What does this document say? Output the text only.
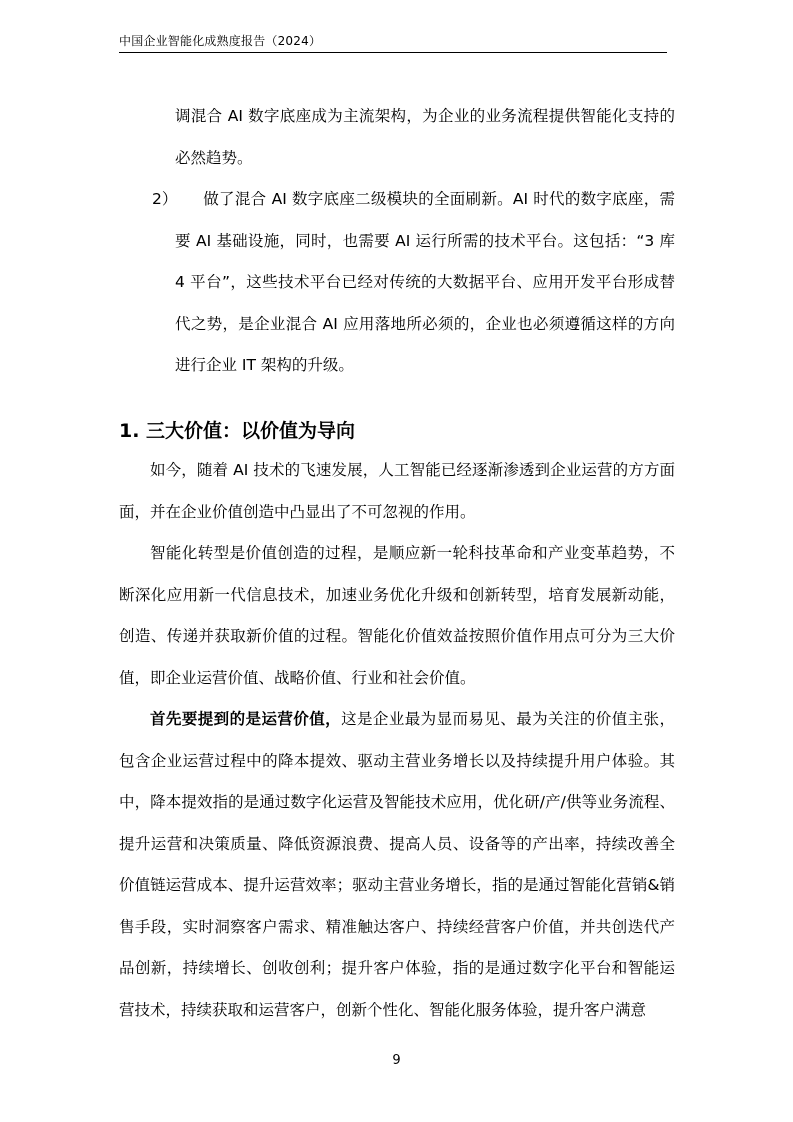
中国企业智能化成熟度报告（2024）

调混合 AI 数字底座成为主流架构，为企业的业务流程提供智能化支持的必然趋势。

2）	做了混合 AI 数字底座二级模块的全面刷新。AI 时代的数字底座，需要 AI 基础设施，同时，也需要 AI 运行所需的技术平台。这包括：“3 库 4 平台”，这些技术平台已经对传统的大数据平台、应用开发平台形成替代之势，是企业混合 AI 应用落地所必须的，企业也必须遵循这样的方向进行企业 IT 架构的升级。

1. 三大价值：以价值为导向

如今，随着 AI 技术的飞速发展，人工智能已经逐渐渗透到企业运营的方方面面，并在企业价值创造中凸显出了不可忽视的作用。

智能化转型是价值创造的过程，是顺应新一轮科技革命和产业变革趋势，不断深化应用新一代信息技术，加速业务优化升级和创新转型，培育发展新动能，创造、传递并获取新价值的过程。智能化价值效益按照价值作用点可分为三大价值，即企业运营价值、战略价值、行业和社会价值。

首先要提到的是运营价值，这是企业最为显而易见、最为关注的价值主张，包含企业运营过程中的降本提效、驱动主营业务增长以及持续提升用户体验。其中，降本提效指的是通过数字化运营及智能技术应用，优化研/产/供等业务流程、提升运营和决策质量、降低资源浪费、提高人员、设备等的产出率，持续改善全价值链运营成本、提升运营效率；驱动主营业务增长，指的是通过智能化营销&销售手段，实时洞察客户需求、精准触达客户、持续经营客户价值，并共创迭代产品创新，持续增长、创收创利；提升客户体验，指的是通过数字化平台和智能运营技术，持续获取和运营客户，创新个性化、智能化服务体验，提升客户满意

9
